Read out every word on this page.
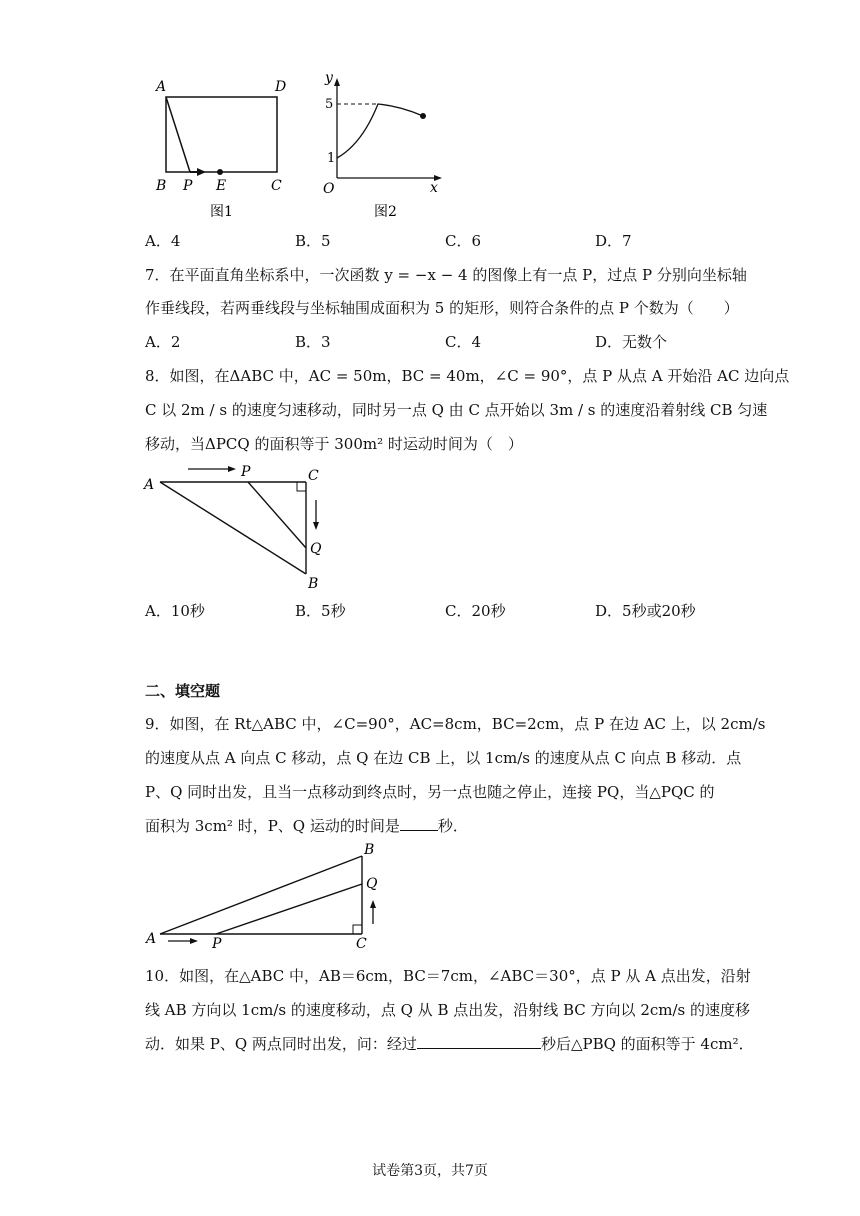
A	D
B P E	C
图1
y
5
1
O	x
图2
A．4	B．5	C．6	D．7
7．在平面直角坐标系中，一次函数 y = −x − 4 的图像上有一点 P，过点 P 分别向坐标轴
作垂线段，若两垂线段与坐标轴围成面积为 5 的矩形，则符合条件的点 P 个数为（　　）
A．2	B．3	C．4	D．无数个
8．如图，在ΔABC 中，AC = 50m，BC = 40m，∠C = 90°，点 P 从点 A 开始沿 AC 边向点
C 以 2m / s 的速度匀速移动，同时另一点 Q 由 C 点开始以 3m / s 的速度沿着射线 CB 匀速
移动，当ΔPCQ 的面积等于 300m² 时运动时间为（　）
A
P	C
Q
B
A．10秒	B．5秒	C．20秒	D．5秒或20秒
二、填空题
9．如图，在 Rt△ABC 中，∠C=90°，AC=8cm，BC=2cm，点 P 在边 AC 上，以 2cm/s
的速度从点 A 向点 C 移动，点 Q 在边 CB 上，以 1cm/s 的速度从点 C 向点 B 移动．点
P、Q 同时出发，且当一点移动到终点时，另一点也随之停止，连接 PQ，当△PQC 的
面积为 3cm² 时，P、Q 运动的时间是	秒．
A	P	C
Q
B
10．如图，在△ABC 中，AB＝6cm，BC＝7cm，∠ABC＝30°，点 P 从 A 点出发，沿射
线 AB 方向以 1cm/s 的速度移动，点 Q 从 B 点出发，沿射线 BC 方向以 2cm/s 的速度移
动．如果 P、Q 两点同时出发，问：经过	秒后△PBQ 的面积等于 4cm²．
试卷第3页，共7页
